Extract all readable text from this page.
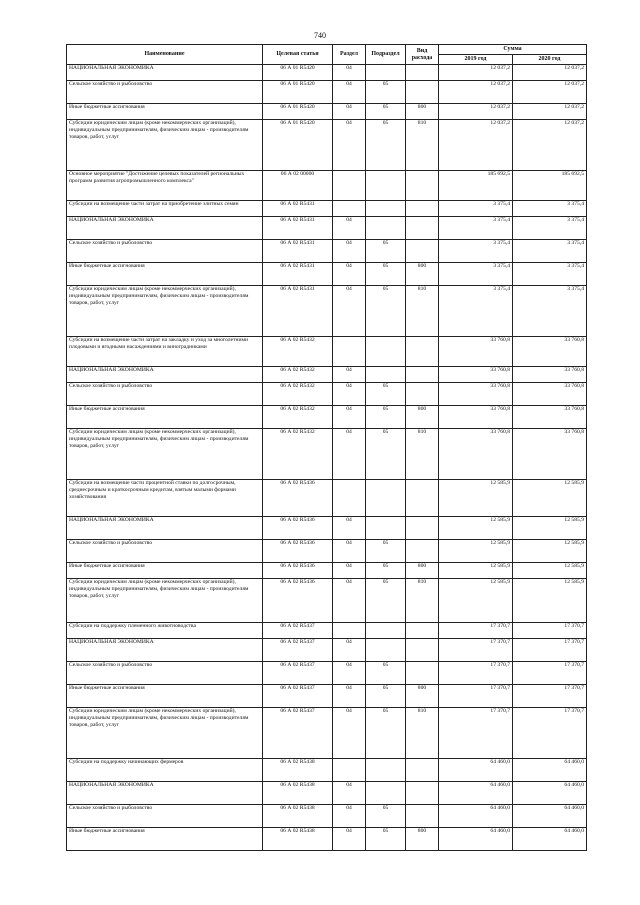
740
Наименование	Целевая статья	Раздел	Подраздел	Вид расхода	Сумма	
					2019 год	2020 год
НАЦИОНАЛЬНАЯ ЭКОНОМИКА	06 А 01 R5420	04			12 037,2	12 037,2
Сельское хозяйство и рыболовство	06 А 01 R5420	04	05		12 037,2	12 037,2
Иные бюджетные ассигнования	06 А 01 R5420	04	05	800	12 037,2	12 037,2
Субсидии юридическим лицам (кроме некоммерческих организаций), индивидуальным предпринимателям, физическим лицам - производителям товаров, работ, услуг	06 А 01 R5420	04	05	810	12 037,2	12 037,2
Основное мероприятие "Достижение целевых показателей региональных программ развития агропромышленного комплекса"	06 А 02 00000				185 692,5	185 692,5
Субсидии на возмещение части затрат на приобретение элитных семян	06 А 02 R5431				3 375,4	3 375,4
НАЦИОНАЛЬНАЯ ЭКОНОМИКА	06 А 02 R5431	04			3 375,4	3 375,4
Сельское хозяйство и рыболовство	06 А 02 R5431	04	05		3 375,4	3 375,4
Иные бюджетные ассигнования	06 А 02 R5431	04	05	800	3 375,4	3 375,4
Субсидии юридическим лицам (кроме некоммерческих организаций), индивидуальным предпринимателям, физическим лицам - производителям товаров, работ, услуг	06 А 02 R5431	04	05	810	3 375,4	3 375,4
Субсидии на возмещение части затрат на закладку и уход за многолетними плодовыми и ягодными насаждениями и виноградниками	06 А 02 R5432				33 760,8	33 760,8
НАЦИОНАЛЬНАЯ ЭКОНОМИКА	06 А 02 R5432	04			33 760,8	33 760,8
Сельское хозяйство и рыболовство	06 А 02 R5432	04	05		33 760,8	33 760,8
Иные бюджетные ассигнования	06 А 02 R5432	04	05	800	33 760,8	33 760,8
Субсидии юридическим лицам (кроме некоммерческих организаций), индивидуальным предпринимателям, физическим лицам - производителям товаров, работ, услуг	06 А 02 R5432	04	05	810	33 760,8	33 760,8
Субсидии на возмещение части процентной ставки по долгосрочным, среднесрочным и краткосрочным кредитам, взятым малыми формами хозяйствования	06 А 02 R5436				12 585,9	12 585,9
НАЦИОНАЛЬНАЯ ЭКОНОМИКА	06 А 02 R5436	04			12 585,9	12 585,9
Сельское хозяйство и рыболовство	06 А 02 R5436	04	05		12 585,9	12 585,9
Иные бюджетные ассигнования	06 А 02 R5436	04	05	800	12 585,9	12 585,9
Субсидии юридическим лицам (кроме некоммерческих организаций), индивидуальным предпринимателям, физическим лицам - производителям товаров, работ, услуг	06 А 02 R5436	04	05	810	12 585,9	12 585,9
Субсидии на поддержку племенного животноводства	06 А 02 R5437				17 370,7	17 370,7
НАЦИОНАЛЬНАЯ ЭКОНОМИКА	06 А 02 R5437	04			17 370,7	17 370,7
Сельское хозяйство и рыболовство	06 А 02 R5437	04	05		17 370,7	17 370,7
Иные бюджетные ассигнования	06 А 02 R5437	04	05	800	17 370,7	17 370,7
Субсидии юридическим лицам (кроме некоммерческих организаций), индивидуальным предпринимателям, физическим лицам - производителям товаров, работ, услуг	06 А 02 R5437	04	05	810	17 370,7	17 370,7
Субсидии на поддержку начинающих фермеров	06 А 02 R5438				64 460,0	64 460,0
НАЦИОНАЛЬНАЯ ЭКОНОМИКА	06 А 02 R5438	04			64 460,0	64 460,0
Сельское хозяйство и рыболовство	06 А 02 R5438	04	05		64 460,0	64 460,0
Иные бюджетные ассигнования	06 А 02 R5438	04	05	800	64 460,0	64 460,0
